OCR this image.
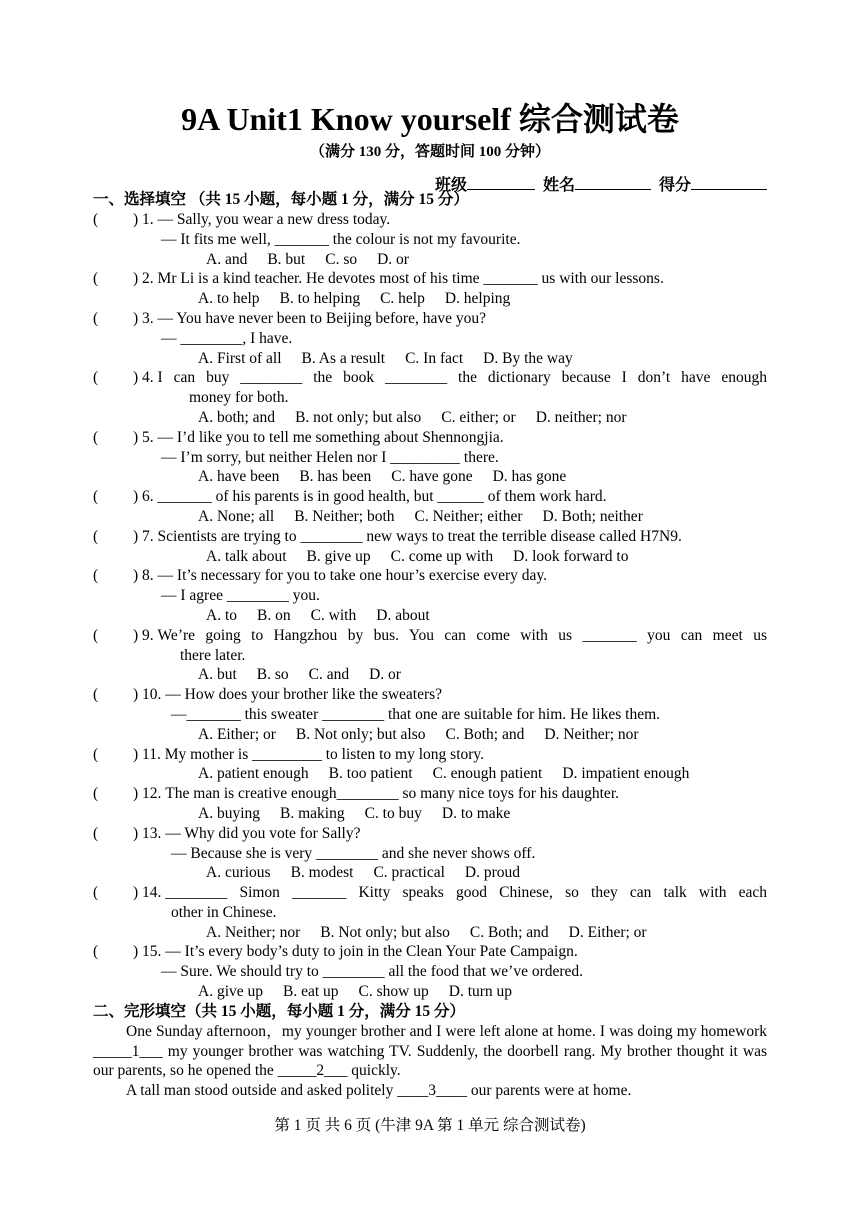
9A Unit1 Know yourself 综合测试卷
（满分 130 分，答题时间 100 分钟）
班级	姓名	得分
一、选择填空 （共 15 小题，每小题 1 分，满分 15 分）
(	) 1.
— Sally, you wear a new dress today.
— It fits me well, _______ the colour is not my favourite.
A. and B. but C. so D. or
(	) 2.
Mr Li is a kind teacher. He devotes most of his time _______ us with our lessons.
A. to help B. to helping C. help D. helping
(	) 3.
— You have never been to Beijing before, have you?
— ________, I have.
A. First of all B. As a result C. In fact D. By the way
(	) 4.
I can buy ________ the book ________ the dictionary because I don’t have enough
money for both.
A. both; and B. not only; but also C. either; or D. neither; nor
(	) 5.
— I’d like you to tell me something about Shennongjia.
— I’m sorry, but neither Helen nor I _________ there.
A. have been B. has been C. have gone D. has gone
(	) 6.
_______ of his parents is in good health, but ______ of them work hard.
A. None; all B. Neither; both C. Neither; either D. Both; neither
(	) 7.
Scientists are trying to ________ new ways to treat the terrible disease called H7N9.
A. talk about B. give up C. come up with D. look forward to
(	) 8.
— It’s necessary for you to take one hour’s exercise every day.
— I agree ________ you.
A. to B. on C. with D. about
(	) 9.
We’re going to Hangzhou by bus. You can come with us _______ you can meet us
there later.
A. but B. so C. and D. or
(	) 10.
— How does your brother like the sweaters?
—_______ this sweater ________ that one are suitable for him. He likes them.
A. Either; or B. Not only; but also C. Both; and D. Neither; nor
(	) 11.
My mother is _________ to listen to my long story.
A. patient enough B. too patient C. enough patient D. impatient enough
(	) 12.
The man is creative enough________ so many nice toys for his daughter.
A. buying B. making C. to buy D. to make
(	) 13.
— Why did you vote for Sally?
— Because she is very ________ and she never shows off.
A. curious B. modest C. practical D. proud
(	) 14.
________ Simon _______ Kitty speaks good Chinese, so they can talk with each
other in Chinese.
A. Neither; nor B. Not only; but also C. Both; and D. Either; or
(	) 15.
— It’s every body’s duty to join in the Clean Your Pate Campaign.
— Sure. We should try to ________ all the food that we’ve ordered.
A. give up B. eat up C. show up D. turn up
二、完形填空（共 15 小题，每小题 1 分，满分 15 分）
One Sunday afternoon，my younger brother and I were left alone at home. I was doing my homework _____1___ my younger brother was watching TV. Suddenly, the doorbell rang. My brother thought it was our parents, so he opened the _____2___ quickly.
A tall man stood outside and asked politely ____3____ our parents were at home.
第 1 页 共 6 页 (牛津 9A 第 1 单元 综合测试卷)
